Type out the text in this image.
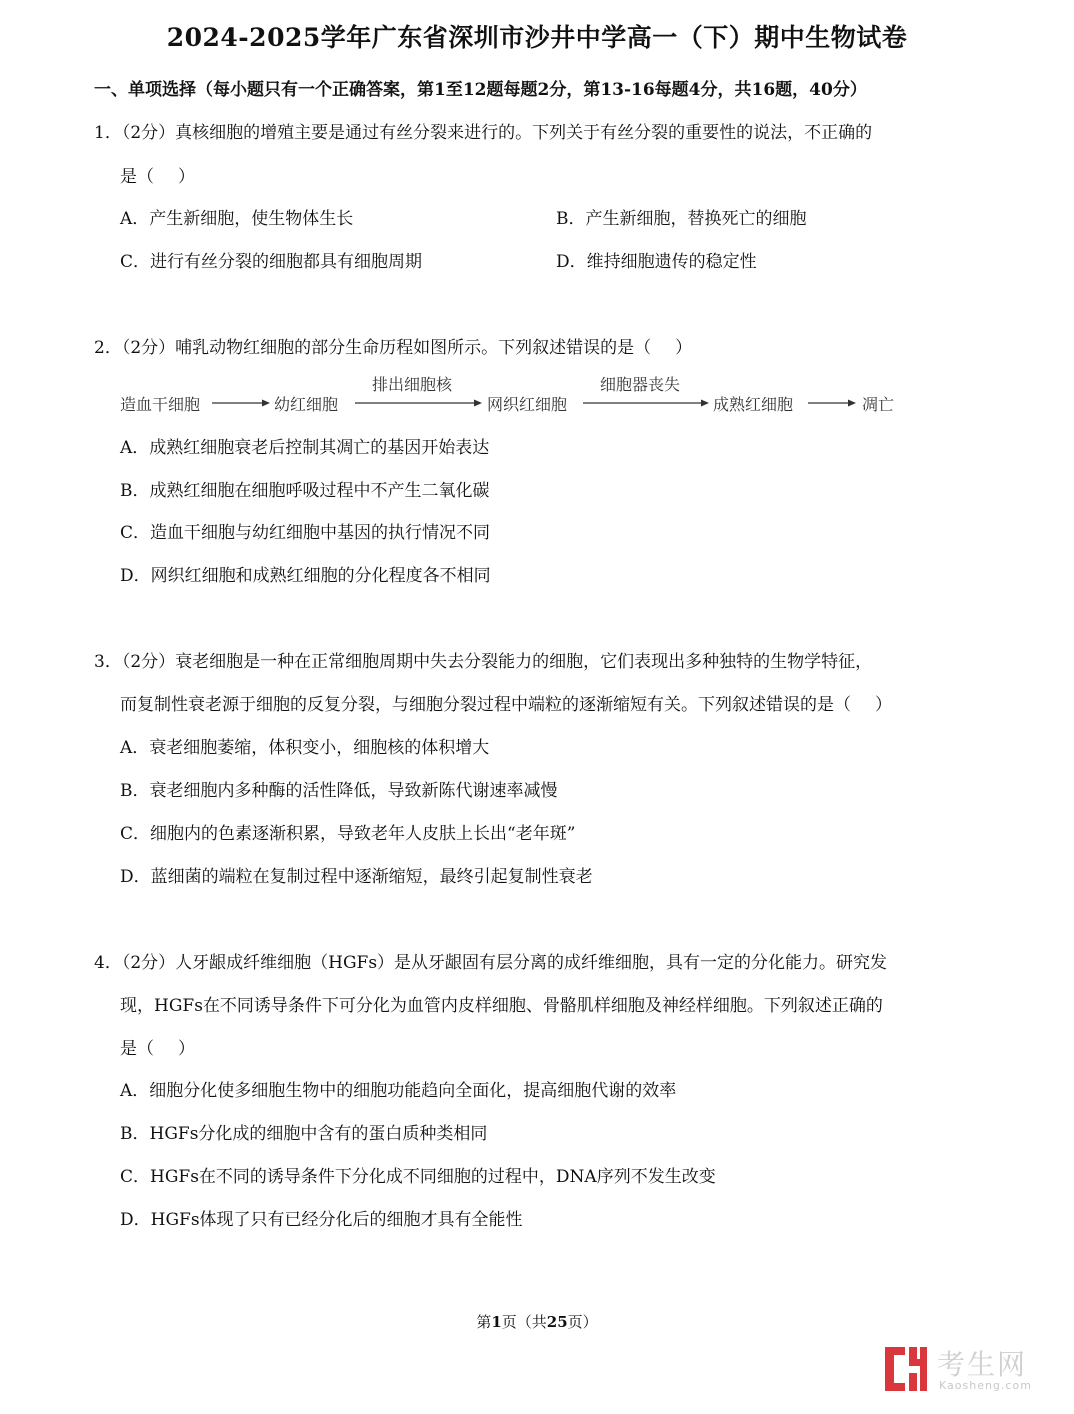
2024-2025学年广东省深圳市沙井中学高一（下）期中生物试卷
一、单项选择（每小题只有一个正确答案，第1至12题每题2分，第13-16每题4分，共16题，40分）
1．（2分）真核细胞的增殖主要是通过有丝分裂来进行的。下列关于有丝分裂的重要性的说法，不正确的
是（ ）
A．产生新细胞，使生物体生长	B．产生新细胞，替换死亡的细胞
C．进行有丝分裂的细胞都具有细胞周期	D．维持细胞遗传的稳定性
2．（2分）哺乳动物红细胞的部分生命历程如图所示。下列叙述错误的是（ ）
造血干细胞	幼红细胞
排出细胞核
网织红细胞
细胞器丧失
成熟红细胞	凋亡
A．成熟红细胞衰老后控制其凋亡的基因开始表达
B．成熟红细胞在细胞呼吸过程中不产生二氧化碳
C．造血干细胞与幼红细胞中基因的执行情况不同
D．网织红细胞和成熟红细胞的分化程度各不相同
3．（2分）衰老细胞是一种在正常细胞周期中失去分裂能力的细胞，它们表现出多种独特的生物学特征，
而复制性衰老源于细胞的反复分裂，与细胞分裂过程中端粒的逐渐缩短有关。下列叙述错误的是（ ）
A．衰老细胞萎缩，体积变小，细胞核的体积增大
B．衰老细胞内多种酶的活性降低，导致新陈代谢速率减慢
C．细胞内的色素逐渐积累，导致老年人皮肤上长出“老年斑”
D．蓝细菌的端粒在复制过程中逐渐缩短，最终引起复制性衰老
4．（2分）人牙龈成纤维细胞（HGFs）是从牙龈固有层分离的成纤维细胞，具有一定的分化能力。研究发
现，HGFs在不同诱导条件下可分化为血管内皮样细胞、骨骼肌样细胞及神经样细胞。下列叙述正确的
是（ ）
A．细胞分化使多细胞生物中的细胞功能趋向全面化，提高细胞代谢的效率
B．HGFs分化成的细胞中含有的蛋白质种类相同
C．HGFs在不同的诱导条件下分化成不同细胞的过程中，DNA序列不发生改变
D．HGFs体现了只有已经分化后的细胞才具有全能性
第1页（共25页）
考生网
Kaosheng.com
